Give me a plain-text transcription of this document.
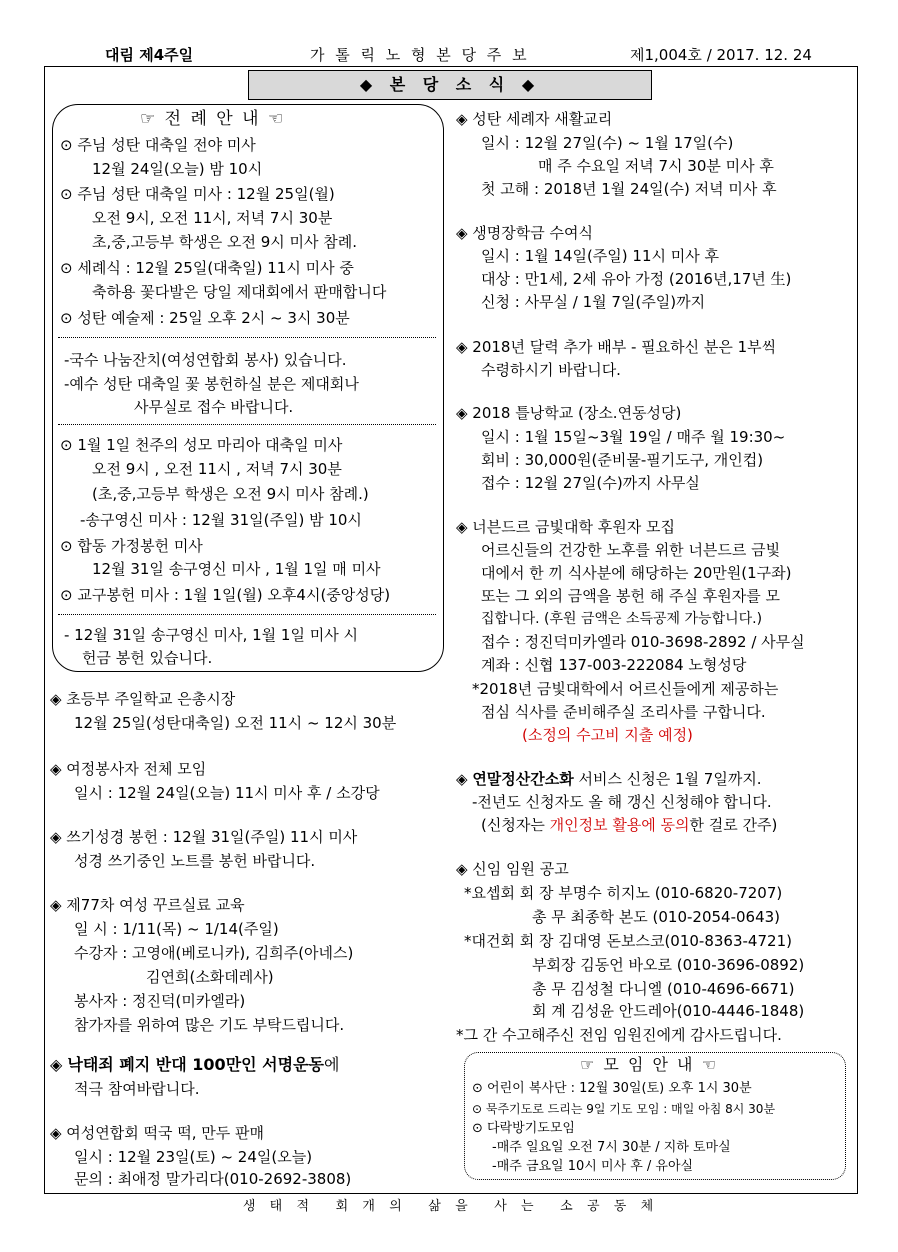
대림 제4주일	가 톨 릭 노 형 본 당 주 보	제1,004호 / 2017. 12. 24
◆ 본 당 소 식 ◆
☞ 전 례 안 내 ☜
⊙ 주님 성탄 대축일 전야 미사
12월 24일(오늘) 밤 10시
⊙ 주님 성탄 대축일 미사 : 12월 25일(월)
오전 9시, 오전 11시, 저녁 7시 30분
초,중,고등부 학생은 오전 9시 미사 참례.
⊙ 세례식 : 12월 25일(대축일) 11시 미사 중
축하용 꽃다발은 당일 제대회에서 판매합니다
⊙ 성탄 예술제 : 25일 오후 2시 ~ 3시 30분
-국수 나눔잔치(여성연합회 봉사) 있습니다.
-예수 성탄 대축일 꽃 봉헌하실 분은 제대회나
사무실로 접수 바랍니다.
⊙ 1월 1일 천주의 성모 마리아 대축일 미사
오전 9시 , 오전 11시 , 저녁 7시 30분
(초,중,고등부 학생은 오전 9시 미사 참례.)
-송구영신 미사 : 12월 31일(주일) 밤 10시
⊙ 합동 가정봉헌 미사
12월 31일 송구영신 미사 , 1월 1일 매 미사
⊙ 교구봉헌 미사 : 1월 1일(월) 오후4시(중앙성당)
- 12월 31일 송구영신 미사, 1월 1일 미사 시
헌금 봉헌 있습니다.
◈ 초등부 주일학교 은총시장
12월 25일(성탄대축일) 오전 11시 ~ 12시 30분
◈ 여정봉사자 전체 모임
일시 : 12월 24일(오늘) 11시 미사 후 / 소강당
◈ 쓰기성경 봉헌 : 12월 31일(주일) 11시 미사
성경 쓰기중인 노트를 봉헌 바랍니다.
◈ 제77차 여성 꾸르실료 교육
일 시 : 1/11(목) ~ 1/14(주일)
수강자 : 고영애(베로니카), 김희주(아네스)
김연희(소화데레사)
봉사자 : 정진덕(미카엘라)
참가자를 위하여 많은 기도 부탁드립니다.
◈ 낙태죄 폐지 반대 100만인 서명운동에
적극 참여바랍니다.
◈ 여성연합회 떡국 떡, 만두 판매
일시 : 12월 23일(토) ~ 24일(오늘)
문의 : 최애정 말가리다(010-2692-3808)
◈ 성탄 세례자 새활교리
일시 : 12월 27일(수) ~ 1월 17일(수)
매 주 수요일 저녁 7시 30분 미사 후
첫 고해 : 2018년 1월 24일(수) 저녁 미사 후
◈ 생명장학금 수여식
일시 : 1월 14일(주일) 11시 미사 후
대상 : 만1세, 2세 유아 가정 (2016년,17년 生)
신청 : 사무실 / 1월 7일(주일)까지
◈ 2018년 달력 추가 배부 - 필요하신 분은 1부씩
수령하시기 바랍니다.
◈ 2018 틀낭학교 (장소.연동성당)
일시 : 1월 15일~3월 19일 / 매주 월 19:30~
회비 : 30,000원(준비물-필기도구, 개인컵)
접수 : 12월 27일(수)까지 사무실
◈ 너븐드르 금빛대학 후원자 모집
어르신들의 건강한 노후를 위한 너븐드르 금빛
대에서 한 끼 식사분에 해당하는 20만원(1구좌)
또는 그 외의 금액을 봉헌 해 주실 후원자를 모
집합니다. (후원 금액은 소득공제 가능합니다.)
접수 : 정진덕미카엘라 010-3698-2892 / 사무실
계좌 : 신협 137-003-222084 노형성당
*2018년 금빛대학에서 어르신들에게 제공하는
점심 식사를 준비해주실 조리사를 구합니다.
(소정의 수고비 지출 예정)
◈ 연말정산간소화 서비스 신청은 1월 7일까지.
-전년도 신청자도 올 해 갱신 신청해야 합니다.
(신청자는 개인정보 활용에 동의한 걸로 간주)
◈ 신임 임원 공고
*요셉회 회 장 부명수 히지노 (010-6820-7207)
총 무 최종학 본도 (010-2054-0643)
*대건회 회 장 김대영 돈보스코(010-8363-4721)
부회장 김동언 바오로 (010-3696-0892)
총 무 김성철 다니엘 (010-4696-6671)
회 계 김성윤 안드레아(010-4446-1848)
*그 간 수고해주신 전임 임원진에게 감사드립니다.
☞ 모 임 안 내 ☜
⊙ 어린이 복사단 : 12월 30일(토) 오후 1시 30분
⊙ 묵주기도로 드리는 9일 기도 모임 : 매일 아침 8시 30분
⊙ 다락방기도모임
-매주 일요일 오전 7시 30분 / 지하 토마실
-매주 금요일 10시 미사 후 / 유아실
생  태  적    회  개  의    삶  을    사  는    소  공  동  체
